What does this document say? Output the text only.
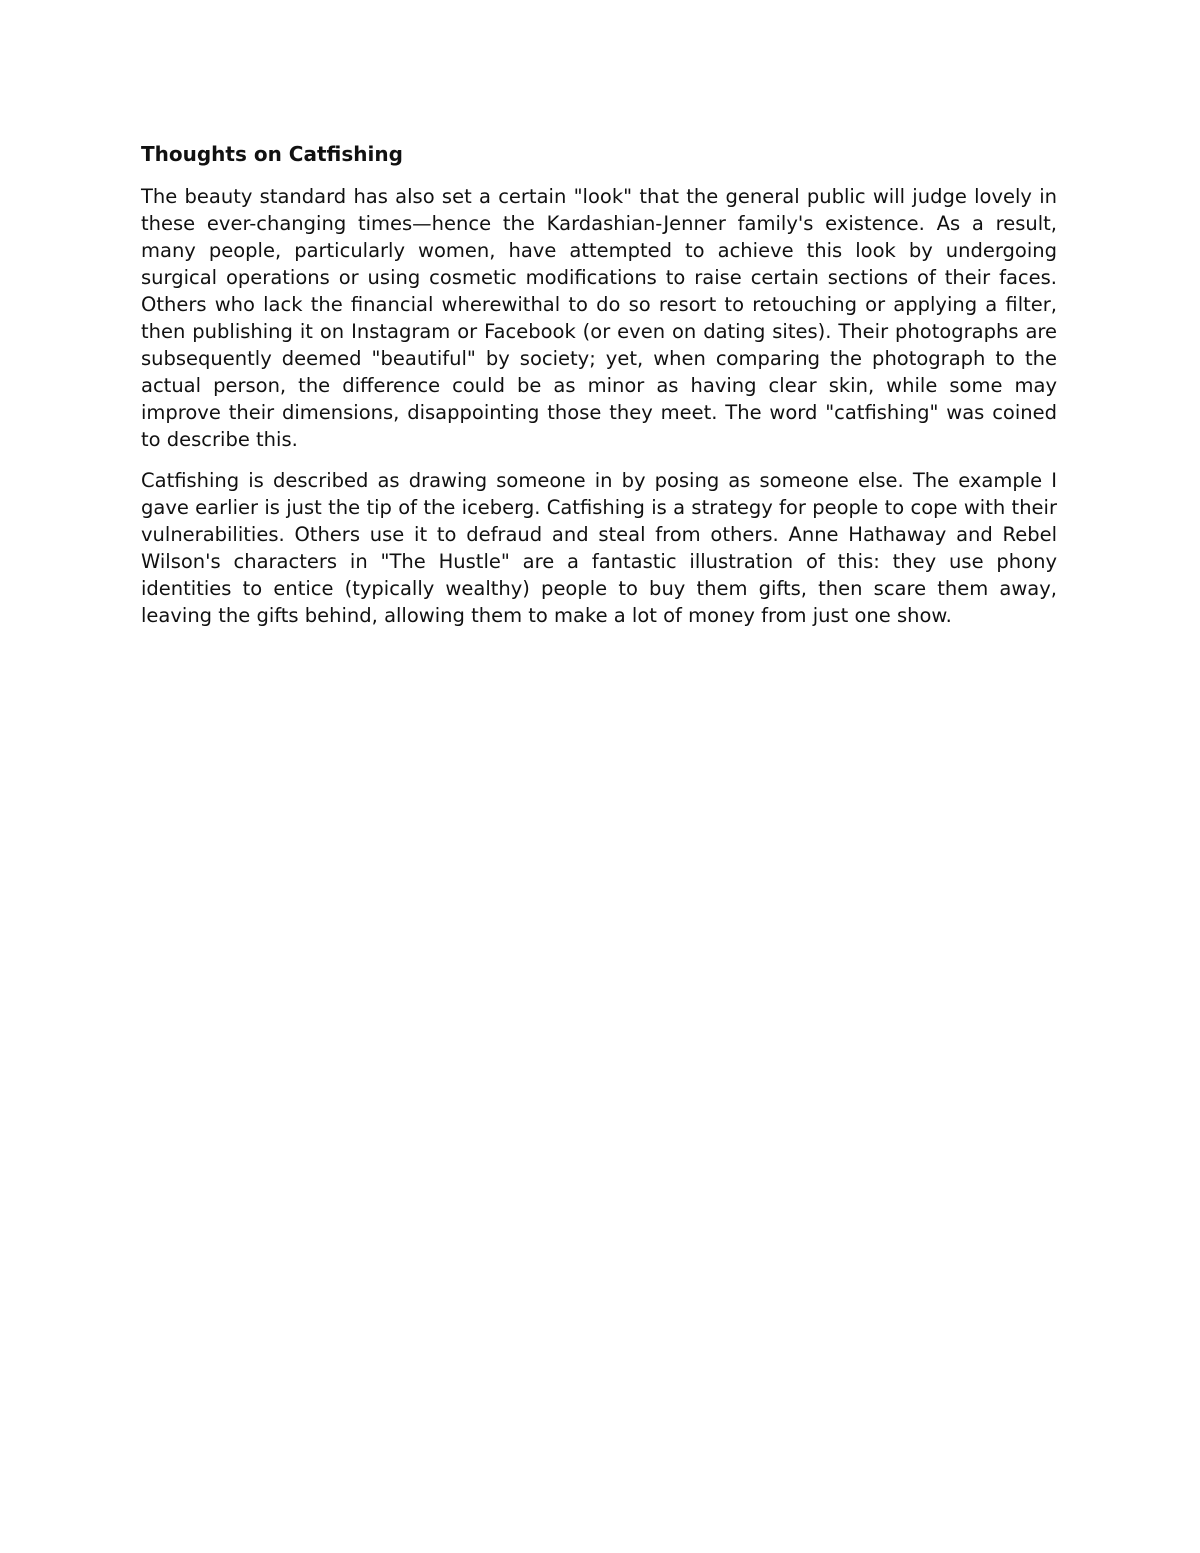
Thoughts on Catfishing

The beauty standard has also set a certain "look" that the general public will judge lovely in these ever-changing times—hence the Kardashian-Jenner family's existence. As a result, many people, particularly women, have attempted to achieve this look by undergoing surgical operations or using cosmetic modifications to raise certain sections of their faces. Others who lack the financial wherewithal to do so resort to retouching or applying a filter, then publishing it on Instagram or Facebook (or even on dating sites). Their photographs are subsequently deemed "beautiful" by society; yet, when comparing the photograph to the actual person, the difference could be as minor as having clear skin, while some may improve their dimensions, disappointing those they meet. The word "catfishing" was coined to describe this.

Catfishing is described as drawing someone in by posing as someone else. The example I gave earlier is just the tip of the iceberg. Catfishing is a strategy for people to cope with their vulnerabilities. Others use it to defraud and steal from others. Anne Hathaway and Rebel Wilson's characters in "The Hustle" are a fantastic illustration of this: they use phony identities to entice (typically wealthy) people to buy them gifts, then scare them away, leaving the gifts behind, allowing them to make a lot of money from just one show.
